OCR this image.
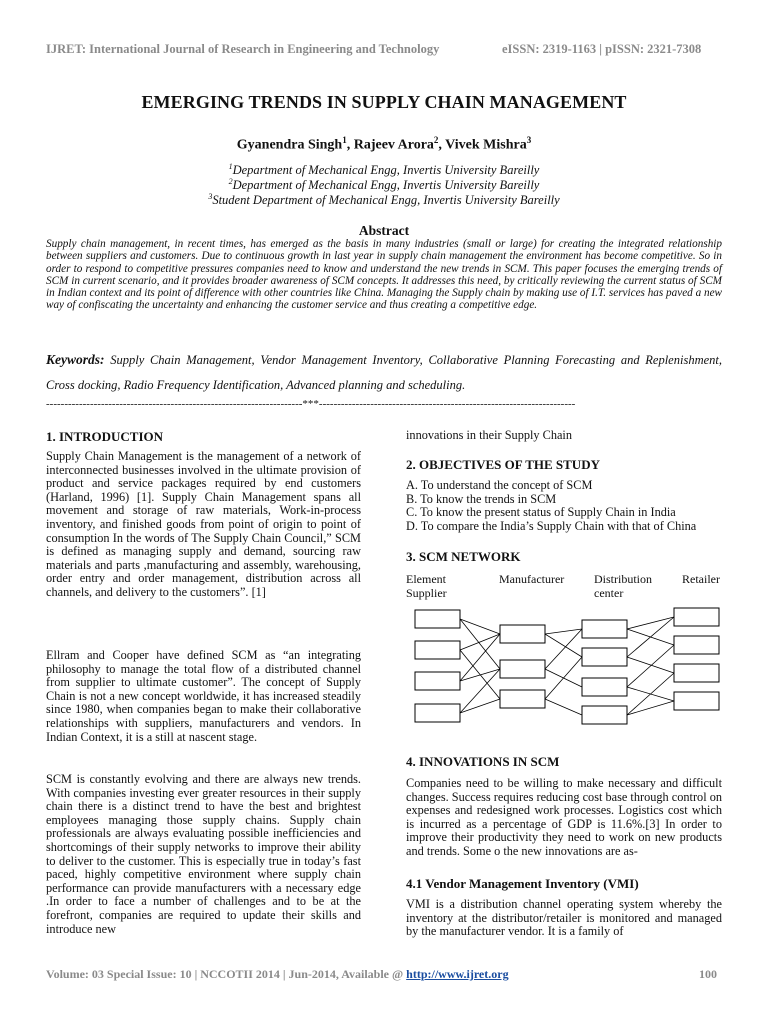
IJRET: International Journal of Research in Engineering and Technology	eISSN: 2319-1163 | pISSN: 2321-7308
EMERGING TRENDS IN SUPPLY CHAIN MANAGEMENT
Gyanendra Singh$^1$, Rajeev Arora$^2$, Vivek Mishra$^3$
$^1$Department of Mechanical Engg, Invertis University Bareilly
$^2$Department of Mechanical Engg, Invertis University Bareilly
$^3$Student Department of Mechanical Engg, Invertis University Bareilly
Abstract
Supply chain management, in recent times, has emerged as the basis in many industries (small or large) for creating the integrated relationship between suppliers and customers. Due to continuous growth in last year in supply chain management the environment has become competitive. So in order to respond to competitive pressures companies need to know and understand the new trends in SCM. This paper focuses the emerging trends of SCM in current scenario, and it provides broader awareness of SCM concepts. It addresses this need, by critically reviewing the current status of SCM in Indian context and its point of difference with other countries like China. Managing the Supply chain by making use of I.T. services has paved a new way of confiscating the uncertainty and enhancing the customer service and thus creating a competitive edge.
Keywords: Supply Chain Management, Vendor Management Inventory, Collaborative Planning Forecasting and Replenishment, Cross docking, Radio Frequency Identification, Advanced planning and scheduling.
----------------------------------------------------------------------***----------------------------------------------------------------------
1. INTRODUCTION
Supply Chain Management is the management of a network of interconnected businesses involved in the ultimate provision of product and service packages required by end customers (Harland, 1996) [1]. Supply Chain Management spans all movement and storage of raw materials, Work-in-process inventory, and finished goods from point of origin to point of consumption In the words of The Supply Chain Council,” SCM is defined as managing supply and demand, sourcing raw materials and parts ,manufacturing and assembly, warehousing, order entry and order management, distribution across all channels, and delivery to the customers”. [1]
Ellram and Cooper have defined SCM as “an integrating philosophy to manage the total flow of a distributed channel from supplier to ultimate customer”. The concept of Supply Chain is not a new concept worldwide, it has increased steadily since 1980, when companies began to make their collaborative relationships with suppliers, manufacturers and vendors. In Indian Context, it is a still at nascent stage.
SCM is constantly evolving and there are always new trends. With companies investing ever greater resources in their supply chain there is a distinct trend to have the best and brightest employees managing those supply chains. Supply chain professionals are always evaluating possible inefficiencies and shortcomings of their supply networks to improve their ability to deliver to the customer. This is especially true in today’s fast paced, highly competitive environment where supply chain performance can provide manufacturers with a necessary edge .In order to face a number of challenges and to be at the forefront, companies are required to update their skills and introduce new
innovations in their Supply Chain
2. OBJECTIVES OF THE STUDY
A. To understand the concept of SCM
B. To know the trends in SCM
C. To know the present status of Supply Chain in India
D. To compare the India’s Supply Chain with that of China
3. SCM NETWORK
Element
Supplier
Manufacturer Distribution
center
Retailer
4. INNOVATIONS IN SCM
Companies need to be willing to make necessary and difficult changes. Success requires reducing cost base through control on expenses and redesigned work processes. Logistics cost which is incurred as a percentage of GDP is 11.6%.[3] In order to improve their productivity they need to work on new products and trends. Some o the new innovations are as-
4.1 Vendor Management Inventory (VMI)
VMI is a distribution channel operating system whereby the inventory at the distributor/retailer is monitored and managed by the manufacturer vendor. It is a family of
Volume: 03 Special Issue: 10 | NCCOTII 2014 | Jun-2014, Available @ http://www.ijret.org	100
